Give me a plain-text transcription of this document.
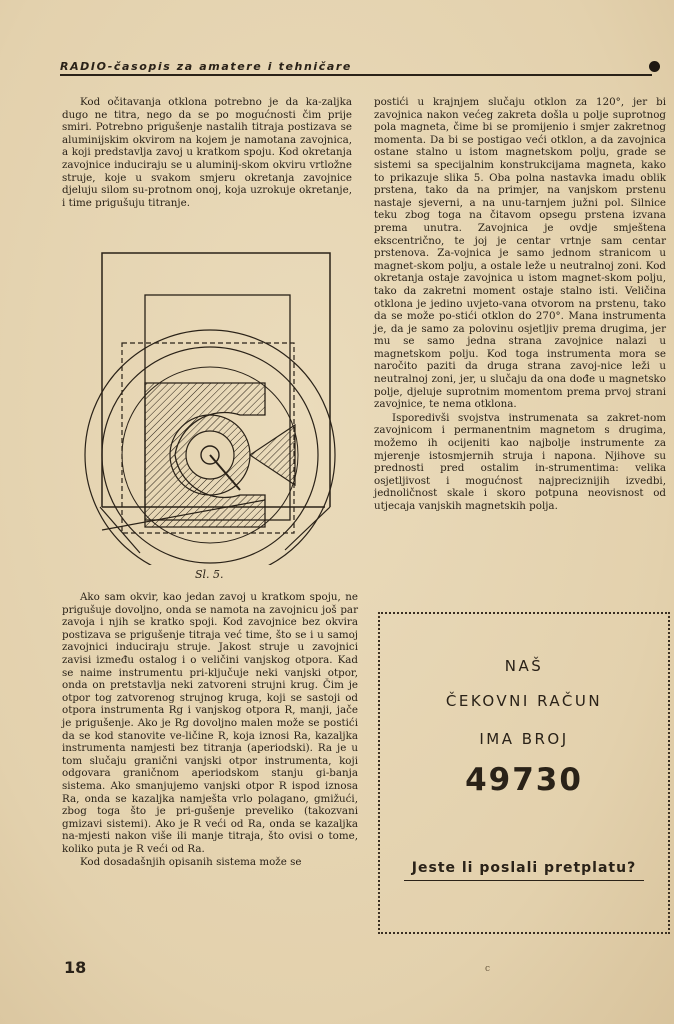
RADIO-časopis za amatere i tehničare

Kod očitavanja otklona potrebno je da ka-zaljka dugo ne titra, nego da se po mogućnosti čim prije smiri. Potrebno prigušenje nastalih titraja postizava se aluminijskim okvirom na kojem je namotana zavojnica, a koji predstavlja zavoj u kratkom spoju. Kod okretanja zavojnice induciraju se u aluminij-skom okviru vrtložne struje, koje u svakom smjeru okretanja zavojnice djeluju silom su-protnom onoj, koja uzrokuje okretanje, i time prigušuju titranje.

Sl. 5.

Ako sam okvir, kao jedan zavoj u kratkom spoju, ne prigušuje dovoljno, onda se namota na zavojnicu još par zavoja i njih se kratko spoji. Kod zavojnice bez okvira postizava se prigušenje titraja već time, što se i u samoj zavojnici induciraju struje. Jakost struje u zavojnici zavisi između ostalog i o veličini vanjskog otpora. Kad se naime instrumentu pri-ključuje neki vanjski otpor, onda on pretstavlja neki zatvoreni strujni krug. Čim je otpor tog zatvorenog strujnog kruga, koji se sastoji od otpora instrumenta Rg i vanjskog otpora R, manji, jače je prigušenje. Ako je Rg dovoljno malen može se postići da se kod stanovite ve-ličine R, koja iznosi Ra, kazaljka instrumenta namjesti bez titranja (aperiodski). Ra je u tom slučaju granični vanjski otpor instrumenta, koji odgovara graničnom aperiodskom stanju gi-banja sistema. Ako smanjujemo vanjski otpor R ispod iznosa Ra, onda se kazaljka namješta vrlo polagano, gmižući, zbog toga što je pri-gušenje preveliko (takozvani gmizavi sistemi). Ako je R veći od Ra, onda se kazaljka na-mjesti nakon više ili manje titraja, što ovisi o tome, koliko puta je R veći od Ra.

Kod dosadašnjih opisanih sistema može se

postići u krajnjem slučaju otklon za 120°, jer bi zavojnica nakon većeg zakreta došla u polje suprotnog pola magneta, čime bi se promijenio i smjer zakretnog momenta. Da bi se postigao veći otklon, a da zavojnica ostane stalno u istom magnetskom polju, grade se sistemi sa specijalnim konstrukcijama magneta, kako to prikazuje slika 5. Oba polna nastavka imadu oblik prstena, tako da na primjer, na vanjskom prstenu nastaje sjeverni, a na unu-tarnjem južni pol. Silnice teku zbog toga na čitavom opsegu prstena izvana prema unutra. Zavojnica je ovdje smještena ekscentrično, te joj je centar vrtnje sam centar prstenova. Za-vojnica je samo jednom stranicom u magnet-skom polju, a ostale leže u neutralnoj zoni. Kod okretanja ostaje zavojnica u istom magnet-skom polju, tako da zakretni moment ostaje stalno isti. Veličina otklona je jedino uvjeto-vana otvorom na prstenu, tako da se može po-stići otklon do 270°. Mana instrumenta je, da je samo za polovinu osjetljiv prema drugima, jer mu se samo jedna strana zavojnice nalazi u magnetskom polju. Kod toga instrumenta mora se naročito paziti da druga strana zavoj-nice leži u neutralnoj zoni, jer, u slučaju da ona dođe u magnetsko polje, djeluje suprotnim momentom prema prvoj strani zavojnice, te nema otklona.

Isporedivši svojstva instrumenata sa zakret-nom zavojnicom i permanentnim magnetom s drugima, možemo ih ocijeniti kao najbolje instrumente za mjerenje istosmjernih struja i napona. Njihove su prednosti pred ostalim in-strumentima: velika osjetljivost i mogućnost najpreciznijih izvedbi, jednoličnost skale i skoro potpuna neovisnost od utjecaja vanjskih magnetskih polja.

NAŠ
ČEKOVNI RAČUN
IMA BROJ
49730
Jeste li poslali pretplatu?
18	c
